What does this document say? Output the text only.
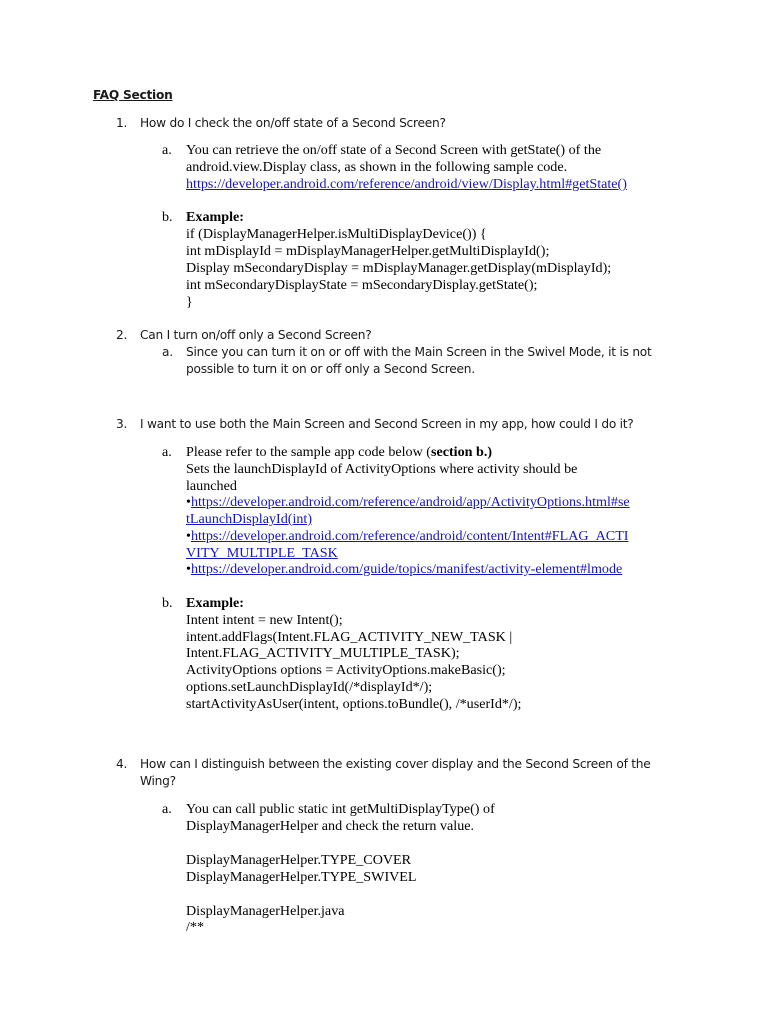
FAQ Section
1. How do I check the on/off state of a Second Screen?
a. You can retrieve the on/off state of a Second Screen with getState() of the
android.view.Display class, as shown in the following sample code.
https://developer.android.com/reference/android/view/Display.html#getState()
b. Example:
if (DisplayManagerHelper.isMultiDisplayDevice()) {
int mDisplayId = mDisplayManagerHelper.getMultiDisplayId();
Display mSecondaryDisplay = mDisplayManager.getDisplay(mDisplayId);
int mSecondaryDisplayState = mSecondaryDisplay.getState();
}
2. Can I turn on/off only a Second Screen?
a. Since you can turn it on or off with the Main Screen in the Swivel Mode, it is not
possible to turn it on or off only a Second Screen.
3. I want to use both the Main Screen and Second Screen in my app, how could I do it?
a. Please refer to the sample app code below (section b.)
Sets the launchDisplayId of ActivityOptions where activity should be
launched
•https://developer.android.com/reference/android/app/ActivityOptions.html#se
tLaunchDisplayId(int)
•https://developer.android.com/reference/android/content/Intent#FLAG_ACTI
VITY_MULTIPLE_TASK
•https://developer.android.com/guide/topics/manifest/activity-element#lmode
b. Example:
Intent intent = new Intent();
intent.addFlags(Intent.FLAG_ACTIVITY_NEW_TASK |
Intent.FLAG_ACTIVITY_MULTIPLE_TASK);
ActivityOptions options = ActivityOptions.makeBasic();
options.setLaunchDisplayId(/*displayId*/);
startActivityAsUser(intent, options.toBundle(), /*userId*/);
4. How can I distinguish between the existing cover display and the Second Screen of the
Wing?
a. You can call public static int getMultiDisplayType() of
DisplayManagerHelper and check the return value.
DisplayManagerHelper.TYPE_COVER
DisplayManagerHelper.TYPE_SWIVEL
DisplayManagerHelper.java
/**
